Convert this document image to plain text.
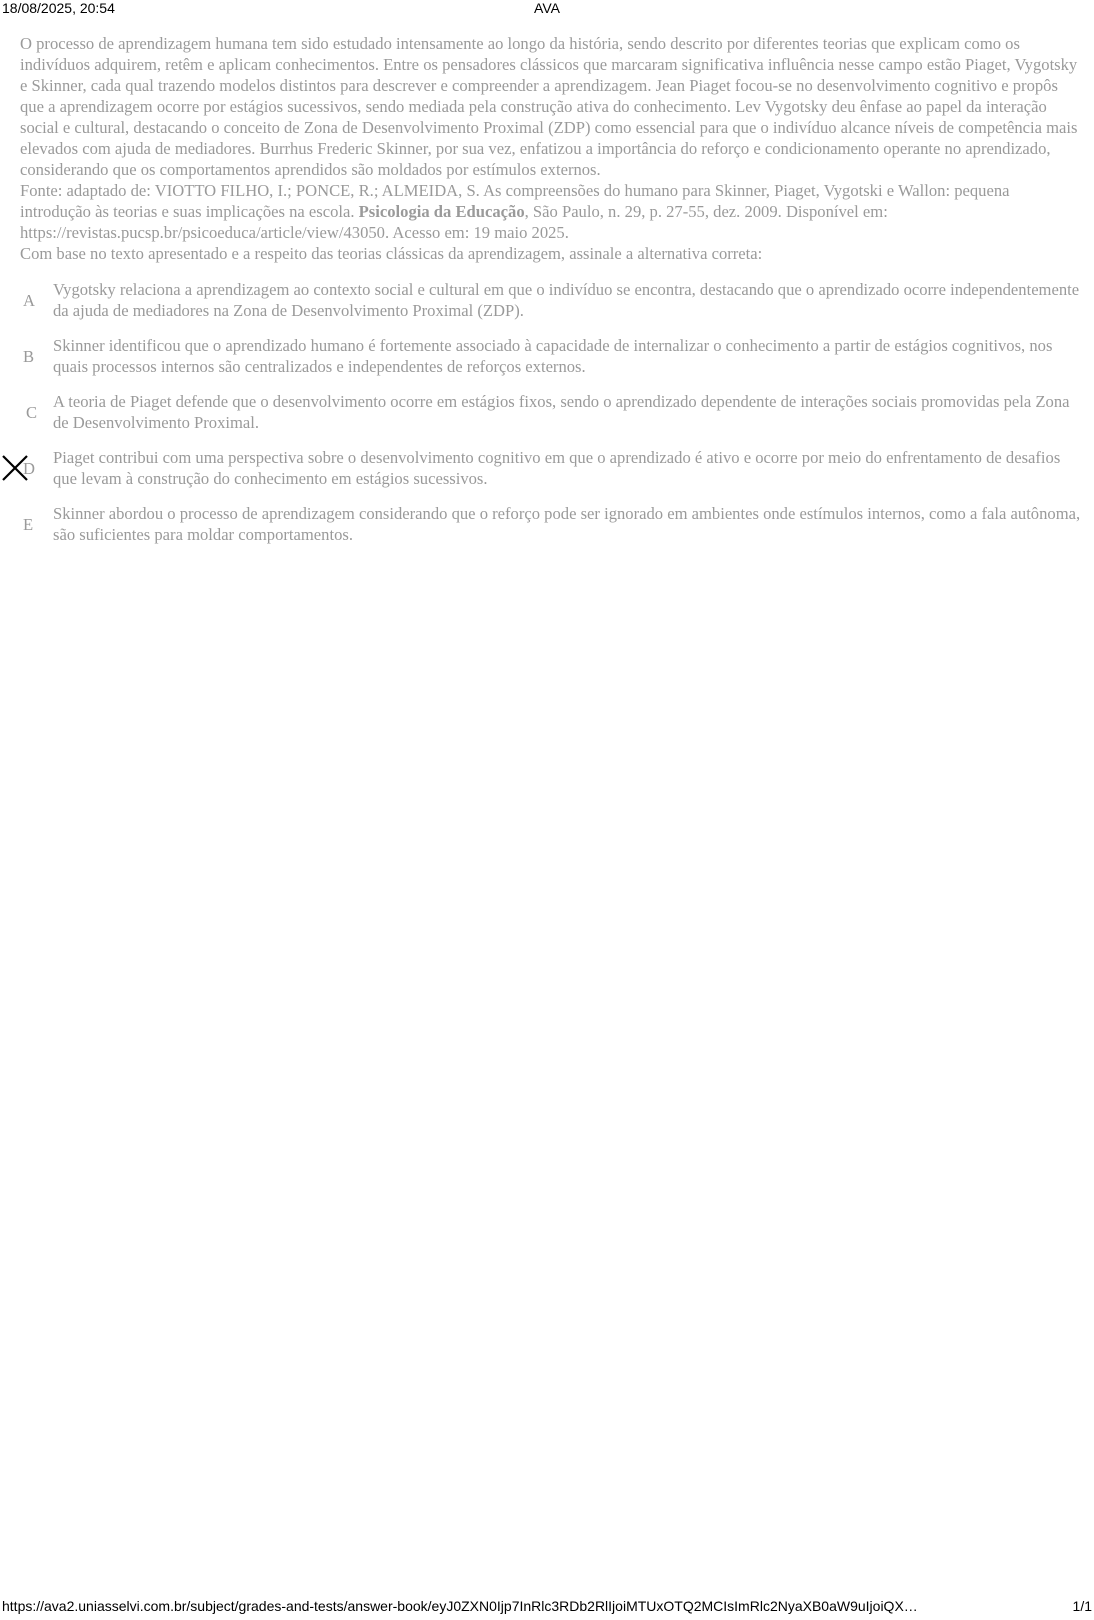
18/08/2025, 20:54	AVA

O processo de aprendizagem humana tem sido estudado intensamente ao longo da história, sendo descrito por diferentes teorias que explicam como os indivíduos adquirem, retêm e aplicam conhecimentos. Entre os pensadores clássicos que marcaram significativa influência nesse campo estão Piaget, Vygotsky e Skinner, cada qual trazendo modelos distintos para descrever e compreender a aprendizagem. Jean Piaget focou-se no desenvolvimento cognitivo e propôs que a aprendizagem ocorre por estágios sucessivos, sendo mediada pela construção ativa do conhecimento. Lev Vygotsky deu ênfase ao papel da interação social e cultural, destacando o conceito de Zona de Desenvolvimento Proximal (ZDP) como essencial para que o indivíduo alcance níveis de competência mais elevados com ajuda de mediadores. Burrhus Frederic Skinner, por sua vez, enfatizou a importância do reforço e condicionamento operante no aprendizado, considerando que os comportamentos aprendidos são moldados por estímulos externos.

Fonte: adaptado de: VIOTTO FILHO, I.; PONCE, R.; ALMEIDA, S. As compreensões do humano para Skinner, Piaget, Vygotski e Wallon: pequena introdução às teorias e suas implicações na escola. Psicologia da Educação, São Paulo, n. 29, p. 27-55, dez. 2009. Disponível em: https://revistas.pucsp.br/psicoeduca/article/view/43050. Acesso em: 19 maio 2025.

Com base no texto apresentado e a respeito das teorias clássicas da aprendizagem, assinale a alternativa correta:

A
Vygotsky relaciona a aprendizagem ao contexto social e cultural em que o indivíduo se encontra, destacando que o aprendizado ocorre independentemente da ajuda de mediadores na Zona de Desenvolvimento Proximal (ZDP).
B
Skinner identificou que o aprendizado humano é fortemente associado à capacidade de internalizar o conhecimento a partir de estágios cognitivos, nos quais processos internos são centralizados e independentes de reforços externos.
C
A teoria de Piaget defende que o desenvolvimento ocorre em estágios fixos, sendo o aprendizado dependente de interações sociais promovidas pela Zona de Desenvolvimento Proximal.
D
Piaget contribui com uma perspectiva sobre o desenvolvimento cognitivo em que o aprendizado é ativo e ocorre por meio do enfrentamento de desafios que levam à construção do conhecimento em estágios sucessivos.
E
Skinner abordou o processo de aprendizagem considerando que o reforço pode ser ignorado em ambientes onde estímulos internos, como a fala autônoma, são suficientes para moldar comportamentos.
https://ava2.uniasselvi.com.br/subject/grades-and-tests/answer-book/eyJ0ZXN0Ijp7InRlc3RDb2RlIjoiMTUxOTQ2MCIsImRlc2NyaXB0aW9uIjoiQX…	1/1
